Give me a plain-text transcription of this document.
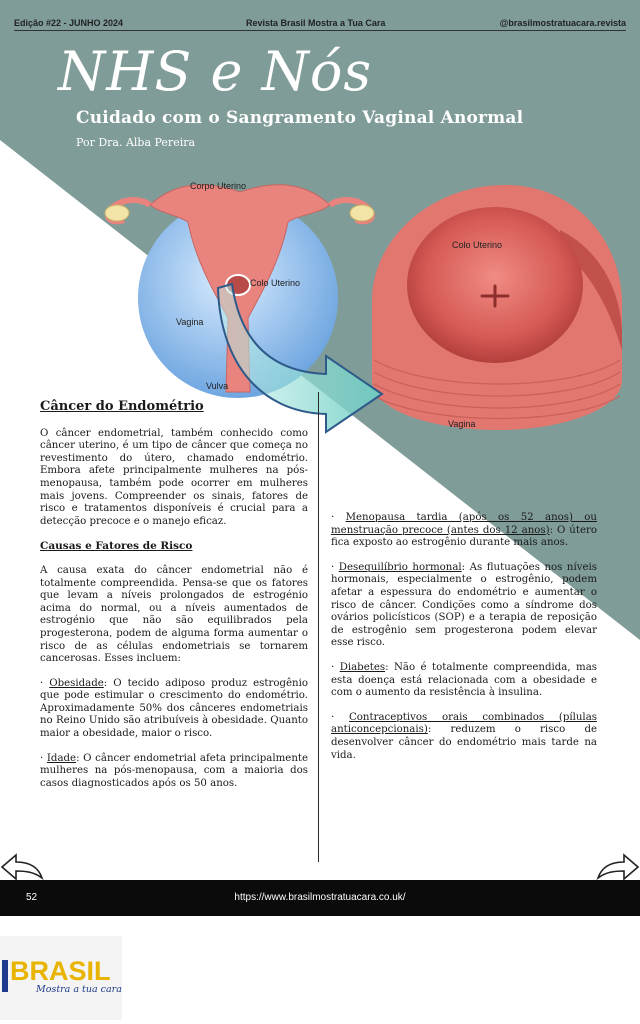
Edição #22 - JUNHO 2024	Revista Brasil Mostra a Tua Cara	@brasilmostratuacara.revista
NHS e Nós
Cuidado com o Sangramento Vaginal Anormal
Por Dra. Alba Pereira
Corpo Uterino
Colo Uterino
Vagina
Vulva
Colo Uterino
Vagina

Câncer do Endométrio

O câncer endometrial, também conhecido como câncer uterino, é um tipo de câncer que começa no revestimento do útero, chamado endométrio. Embora afete principalmente mulheres na pós-menopausa, também pode ocorrer em mulheres mais jovens. Compreender os sinais, fatores de risco e tratamentos disponíveis é crucial para a detecção precoce e o manejo eficaz.

Causas e Fatores de Risco

A causa exata do câncer endometrial não é totalmente compreendida. Pensa-se que os fatores que levam a níveis prolongados de estrogénio acima do normal, ou a níveis aumentados de estrogénio que não são equilibrados pela progesterona, podem de alguma forma aumentar o risco de as células endometriais se tornarem cancerosas. Esses incluem:

· Obesidade: O tecido adiposo produz estrogênio que pode estimular o crescimento do endométrio. Aproximadamente 50% dos cânceres endometriais no Reino Unido são atribuíveis à obesidade. Quanto maior a obesidade, maior o risco.

· Idade: O câncer endometrial afeta principalmente mulheres na pós-menopausa, com a maioria dos casos diagnosticados após os 50 anos.

· Menopausa tardia (após os 52 anos) ou menstruação precoce (antes dos 12 anos): O útero fica exposto ao estrogênio durante mais anos.

· Desequilíbrio hormonal: As flutuações nos níveis hormonais, especialmente o estrogênio, podem afetar a espessura do endométrio e aumentar o risco de câncer. Condições como a síndrome dos ovários policísticos (SOP) e a terapia de reposição de estrogênio sem progesterona podem elevar esse risco.

· Diabetes: Não é totalmente compreendida, mas esta doença está relacionada com a obesidade e com o aumento da resistência à insulina.

· Contraceptivos orais combinados (pílulas anticoncepcionais): reduzem o risco de desenvolver câncer do endométrio mais tarde na vida.

52	https://www.brasilmostratuacara.co.uk/
BRASIL
Mostra a tua cara
